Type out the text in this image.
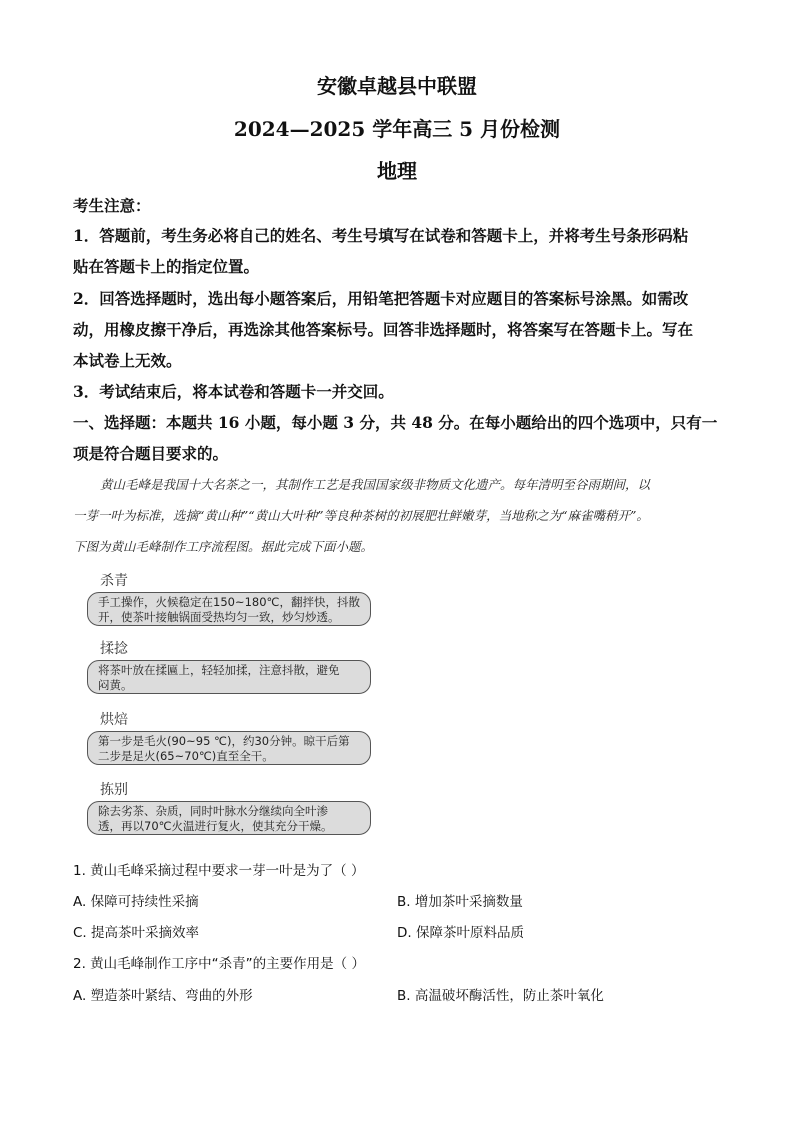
安徽卓越县中联盟
2024—2025 学年高三 5 月份检测
地理
考生注意：
1．答题前，考生务必将自己的姓名、考生号填写在试卷和答题卡上，并将考生号条形码粘
贴在答题卡上的指定位置。
2．回答选择题时，选出每小题答案后，用铅笔把答题卡对应题目的答案标号涂黑。如需改
动，用橡皮擦干净后，再选涂其他答案标号。回答非选择题时，将答案写在答题卡上。写在
本试卷上无效。
3．考试结束后，将本试卷和答题卡一并交回。
一、选择题：本题共 16 小题，每小题 3 分，共 48 分。在每小题给出的四个选项中，只有一
项是符合题目要求的。
黄山毛峰是我国十大名茶之一，其制作工艺是我国国家级非物质文化遗产。每年清明至谷雨期间，以
一芽一叶为标准，选摘“黄山种”“黄山大叶种”等良种茶树的初展肥壮鲜嫩芽，当地称之为“麻雀嘴稍开”。
下图为黄山毛峰制作工序流程图。据此完成下面小题。
杀青
手工操作，火候稳定在150~180℃，翻拌快，抖散
开，使茶叶接触锅面受热均匀一致，炒匀炒透。
揉捻
将茶叶放在揉匾上，轻轻加揉，注意抖散，避免
闷黄。
烘焙
第一步是毛火(90~95 ℃)，约30分钟。晾干后第
二步是足火(65~70℃)直至全干。
拣别
除去劣茶、杂质，同时叶脉水分继续向全叶渗
透，再以70℃火温进行复火，使其充分干燥。
1. 黄山毛峰采摘过程中要求一芽一叶是为了（ ）
A. 保障可持续性采摘	B. 增加茶叶采摘数量
C. 提高茶叶采摘效率	D. 保障茶叶原料品质
2. 黄山毛峰制作工序中“杀青”的主要作用是（ ）
A. 塑造茶叶紧结、弯曲的外形	B. 高温破坏酶活性，防止茶叶氧化
